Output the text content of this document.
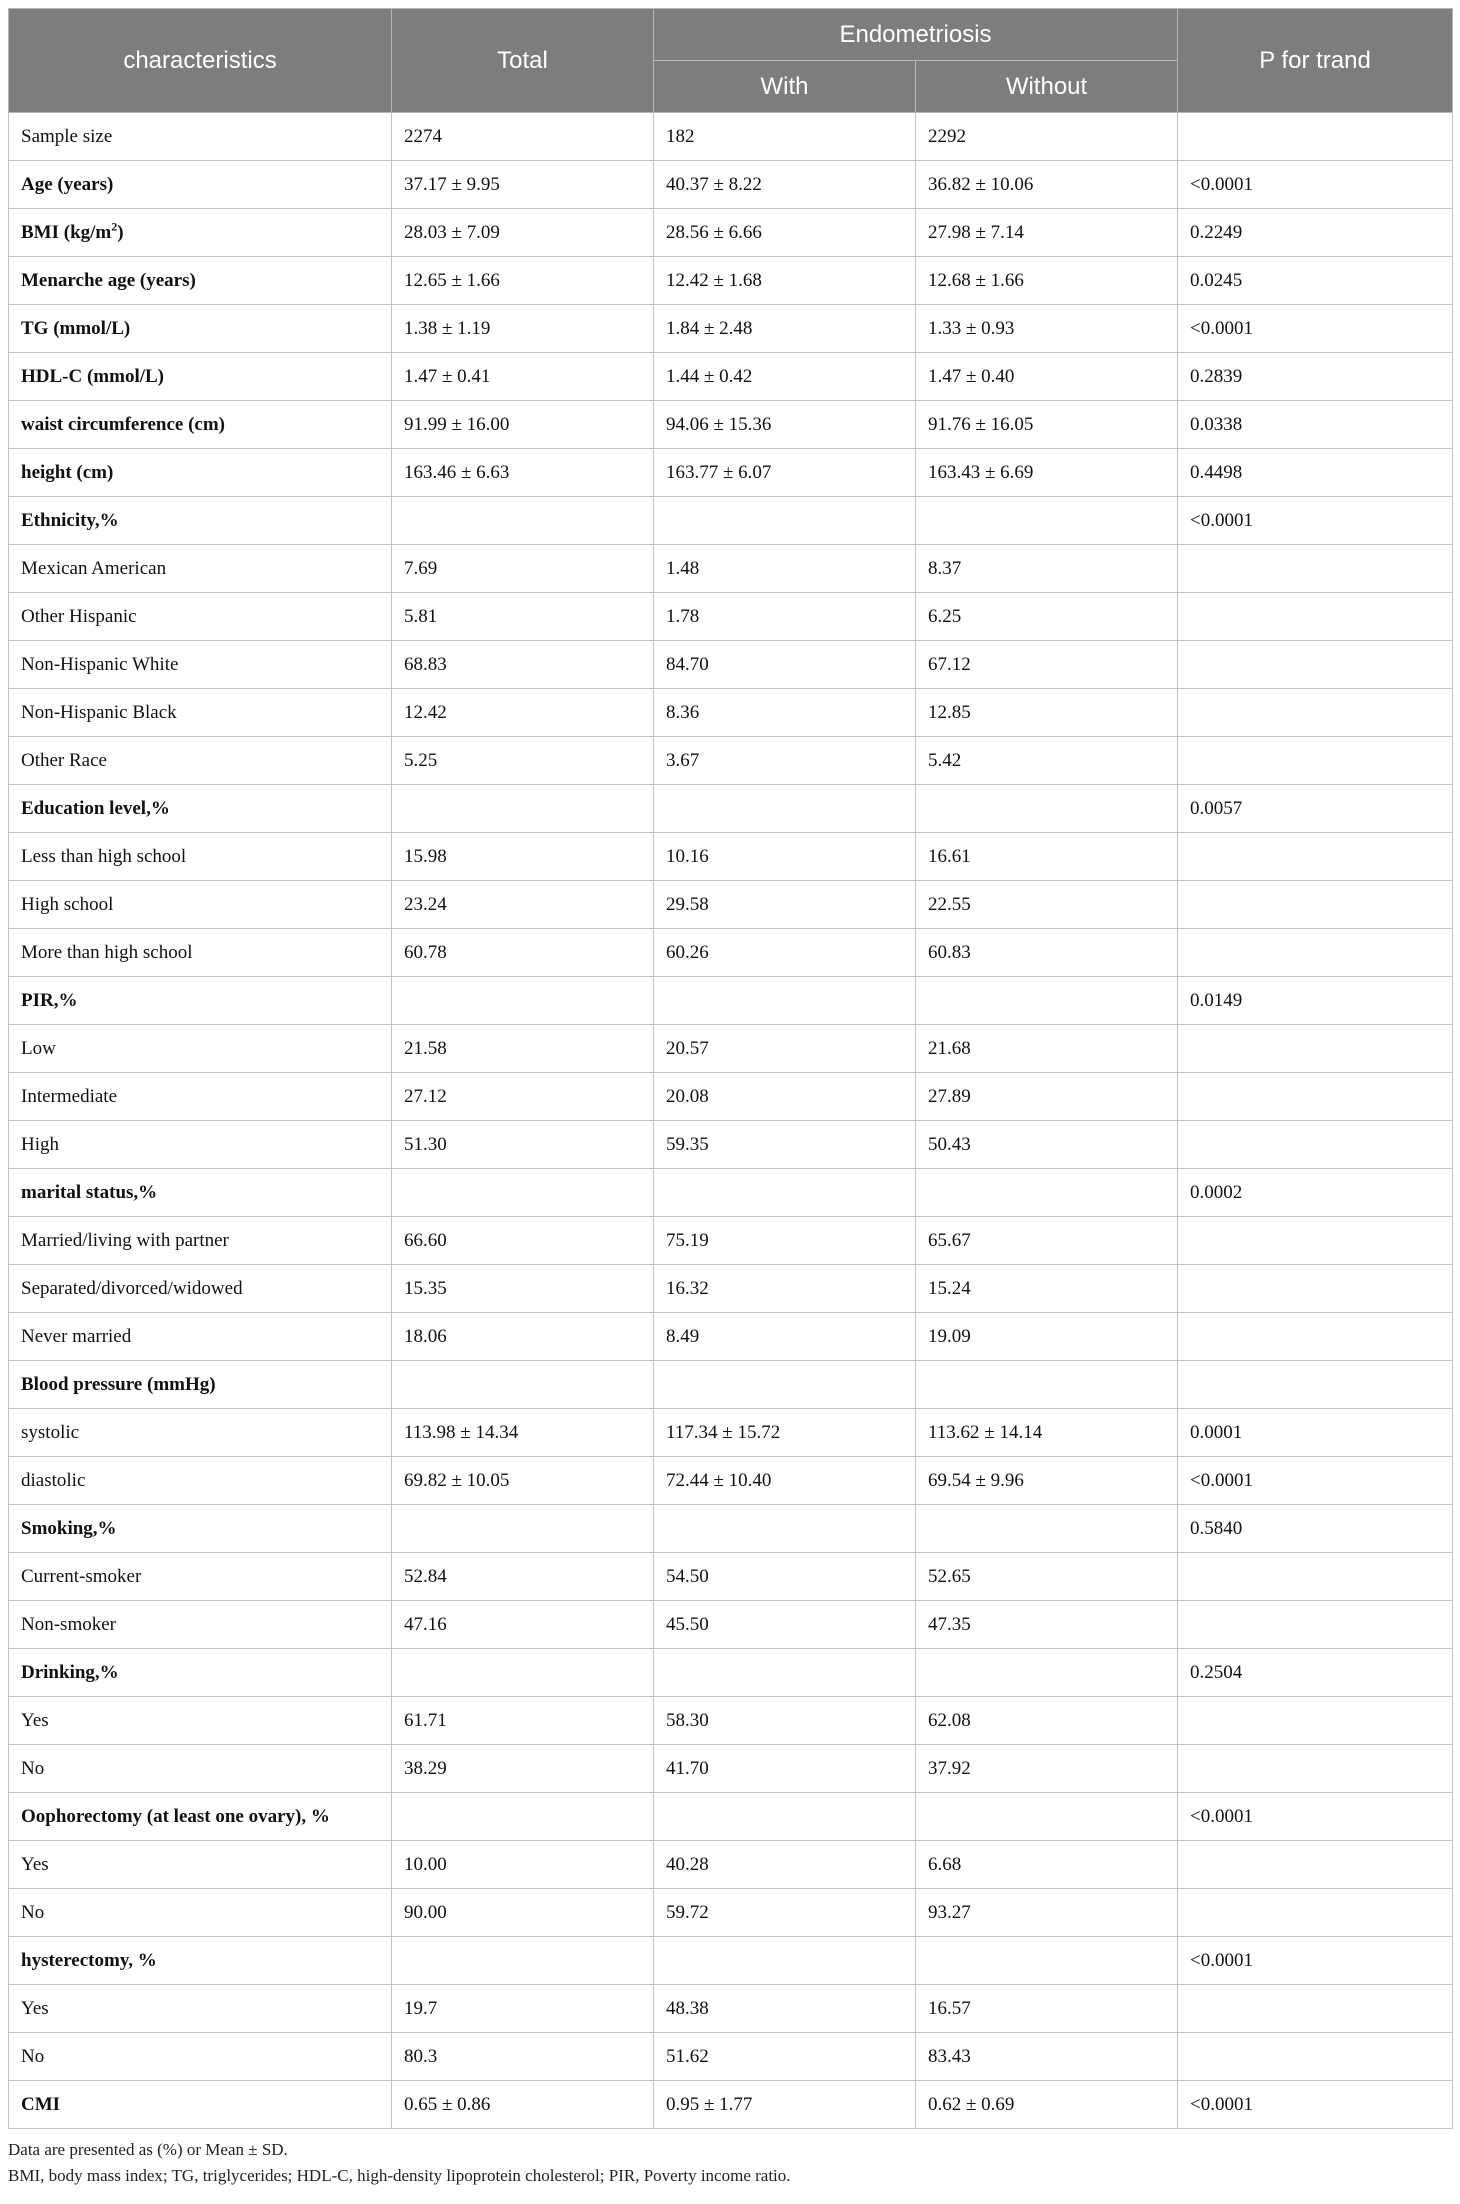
characteristics	Total	Endometriosis		P for trand
		With	Without	
Sample size	2274	182	2292	
Age (years)	37.17 ± 9.95	40.37 ± 8.22	36.82 ± 10.06	<0.0001
BMI $(kg/m^2)$	28.03 ± 7.09	28.56 ± 6.66	27.98 ± 7.14	0.2249
Menarche age (years)	12.65 ± 1.66	12.42 ± 1.68	12.68 ± 1.66	0.0245
TG (mmol/L)	1.38 ± 1.19	1.84 ± 2.48	1.33 ± 0.93	<0.0001
HDL-C (mmol/L)	1.47 ± 0.41	1.44 ± 0.42	1.47 ± 0.40	0.2839
waist circumference (cm)	91.99 ± 16.00	94.06 ± 15.36	91.76 ± 16.05	0.0338
height (cm)	163.46 ± 6.63	163.77 ± 6.07	163.43 ± 6.69	0.4498
Ethnicity,%				<0.0001
Mexican American	7.69	1.48	8.37	
Other Hispanic	5.81	1.78	6.25	
Non-Hispanic White	68.83	84.70	67.12	
Non-Hispanic Black	12.42	8.36	12.85	
Other Race	5.25	3.67	5.42	
Education level,%				0.0057
Less than high school	15.98	10.16	16.61	
High school	23.24	29.58	22.55	
More than high school	60.78	60.26	60.83	
PIR,%				0.0149
Low	21.58	20.57	21.68	
Intermediate	27.12	20.08	27.89	
High	51.30	59.35	50.43	
marital status,%				0.0002
Married/living with partner	66.60	75.19	65.67	
Separated/divorced/widowed	15.35	16.32	15.24	
Never married	18.06	8.49	19.09	
Blood pressure (mmHg)				
systolic	113.98 ± 14.34	117.34 ± 15.72	113.62 ± 14.14	0.0001
diastolic	69.82 ± 10.05	72.44 ± 10.40	69.54 ± 9.96	<0.0001
Smoking,%				0.5840
Current-smoker	52.84	54.50	52.65	
Non-smoker	47.16	45.50	47.35	
Drinking,%				0.2504
Yes	61.71	58.30	62.08	
No	38.29	41.70	37.92	
Oophorectomy (at least one ovary), %				<0.0001
Yes	10.00	40.28	6.68	
No	90.00	59.72	93.27	
hysterectomy, %				<0.0001
Yes	19.7	48.38	16.57	
No	80.3	51.62	83.43	
CMI	0.65 ± 0.86	0.95 ± 1.77	0.62 ± 0.69	<0.0001
Data are presented as (%) or Mean ± SD.
BMI, body mass index; TG, triglycerides; HDL-C, high-density lipoprotein cholesterol; PIR, Poverty income ratio.
